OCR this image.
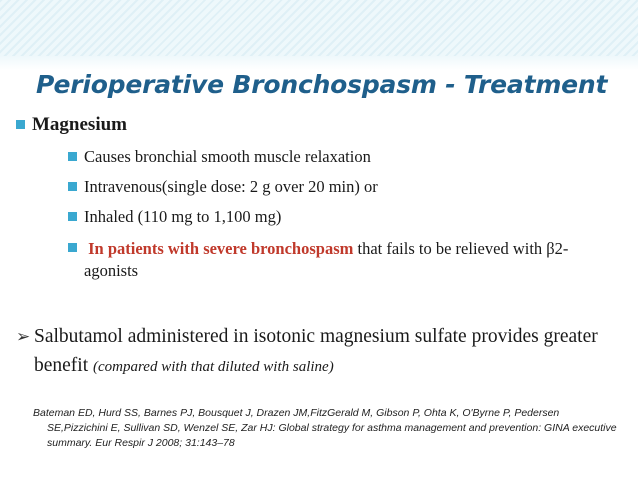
Perioperative Bronchospasm - Treatment
Magnesium
Causes bronchial smooth muscle relaxation
Intravenous(single dose: 2 g over 20 min) or
Inhaled (110 mg to 1,100 mg)
In patients with severe bronchospasm that fails to be relieved with β2-agonists
➢ Salbutamol administered in isotonic magnesium sulfate provides greater benefit (compared with that diluted with saline)
Bateman ED, Hurd SS, Barnes PJ, Bousquet J, Drazen JM,FitzGerald M, Gibson P, Ohta K, O'Byrne P, Pedersen SE,Pizzichini E, Sullivan SD, Wenzel SE, Zar HJ: Global strategy for asthma management and prevention: GINA executive summary. Eur Respir J 2008; 31:143–78
